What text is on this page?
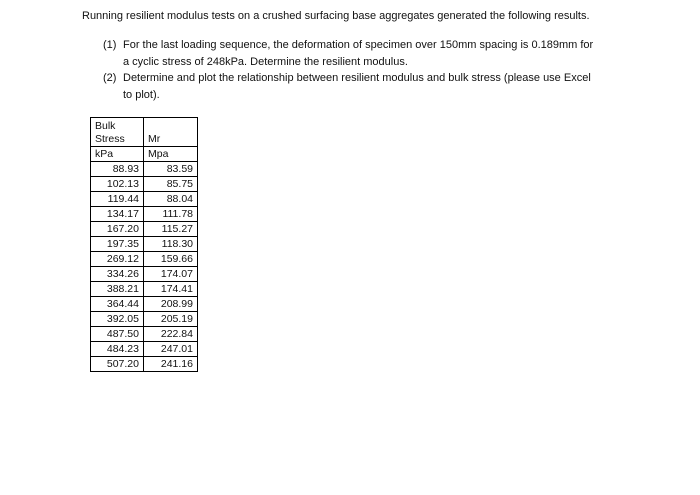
Running resilient modulus tests on a crushed surfacing base aggregates generated the following results.
(1) For the last loading sequence, the deformation of specimen over 150mm spacing is 0.189mm for
a cyclic stress of 248kPa. Determine the resilient modulus.
(2) Determine and plot the relationship between resilient modulus and bulk stress (please use Excel
to plot).
Bulk
Stress	Mr
kPa	Mpa
88.93	83.59
102.13	85.75
119.44	88.04
134.17	111.78
167.20	115.27
197.35	118.30
269.12	159.66
334.26	174.07
388.21	174.41
364.44	208.99
392.05	205.19
487.50	222.84
484.23	247.01
507.20	241.16
